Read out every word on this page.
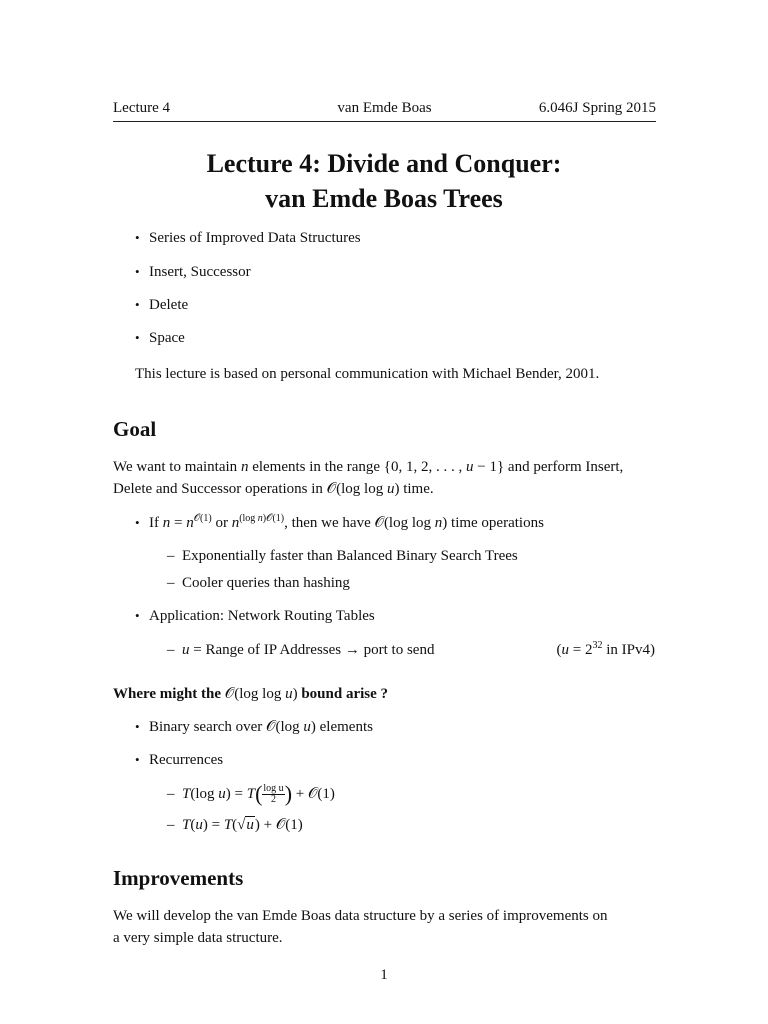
Lecture 4	van Emde Boas	6.046J Spring 2015
Lecture 4: Divide and Conquer:
van Emde Boas Trees
• Series of Improved Data Structures
• Insert, Successor
• Delete
• Space
This lecture is based on personal communication with Michael Bender, 2001.
Goal
We want to maintain n elements in the range {0, 1, 2, . . . , u − 1} and perform Insert,
Delete and Successor operations in 𝒪(log log u) time.
• If $n = n^{𝒪(1)}$ or $n^{(log n)𝒪(1)}$, then we have 𝒪(log log n) time operations
– Exponentially faster than Balanced Binary Search Trees
– Cooler queries than hashing
• Application: Network Routing Tables
– u = Range of IP Addresses → port to send	($u = 2^{32}$ in IPv4)
Where might the 𝒪(log log u) bound arise ?
• Binary search over 𝒪(log u) elements
• Recurrences
– T(log $u) = T( \frac{\text{log u}}{2}$ ) + 𝒪(1)
– T(u) = T(√u) + 𝒪(1)
Improvements
We will develop the van Emde Boas data structure by a series of improvements on
a very simple data structure.
1
